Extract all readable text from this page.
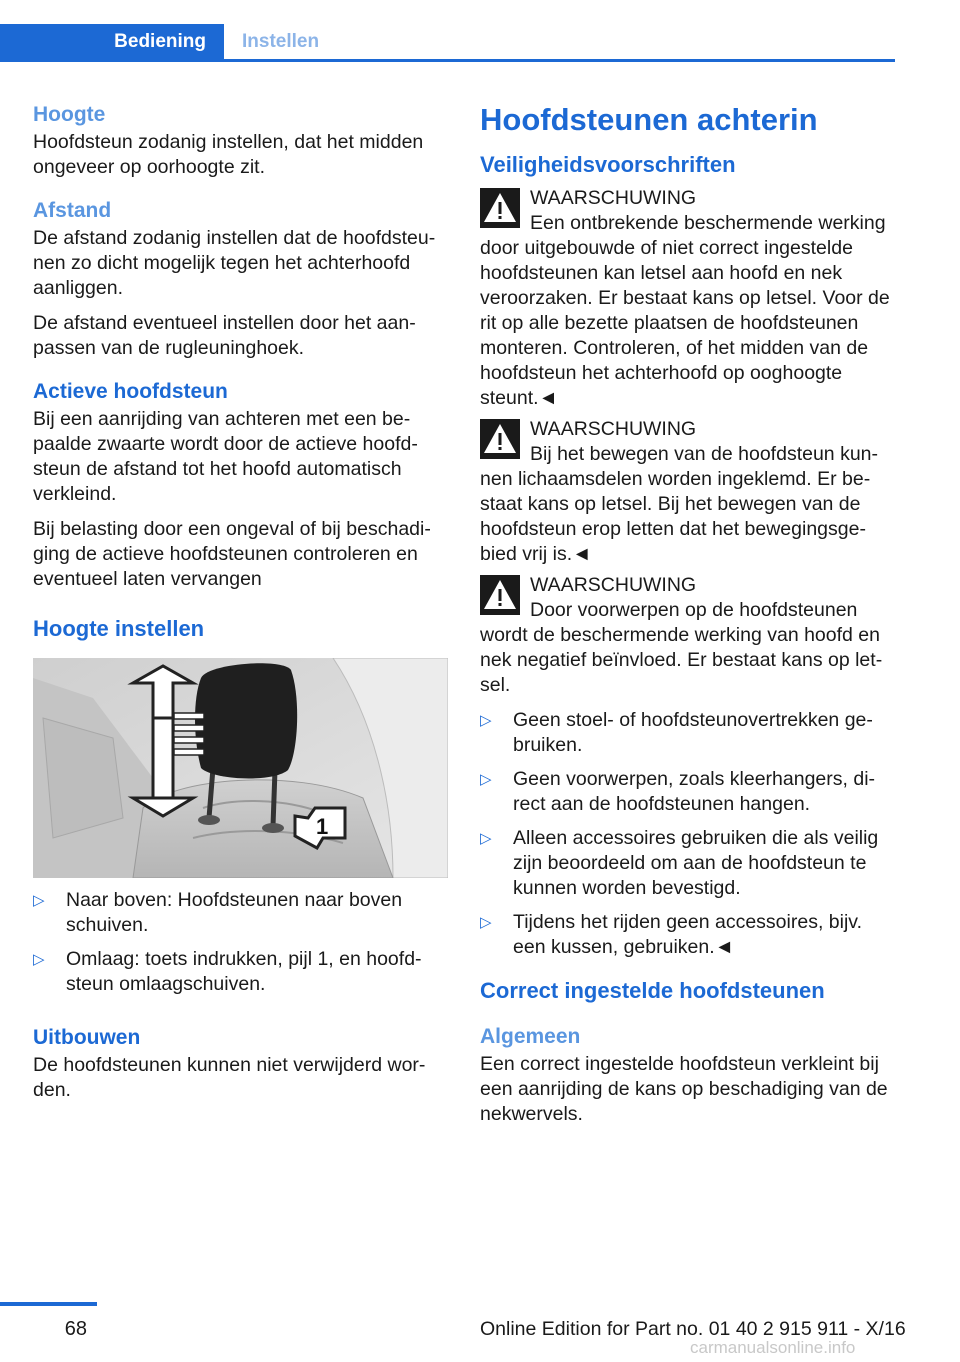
Bediening	Instellen
Hoogte

Hoofdsteun zodanig instellen, dat het midden ongeveer op oorhoogte zit.

Afstand

De afstand zodanig instellen dat de hoofdsteunen zo dicht mogelijk tegen het achterhoofd aanliggen.

De afstand eventueel instellen door het aanpassen van de rugleuninghoek.

Actieve hoofdsteun

Bij een aanrijding van achteren met een bepaalde zwaarte wordt door de actieve hoofdsteun de afstand tot het hoofd automatisch verkleind.

Bij belasting door een ongeval of bij beschadiging de actieve hoofdsteunen controleren en eventueel laten vervangen

Hoogte instellen
1
▷ Naar boven: Hoofdsteunen naar boven schuiven.
▷ Omlaag: toets indrukken, pijl 1, en hoofdsteun omlaagschuiven.
Uitbouwen

De hoofdsteunen kunnen niet verwijderd worden.

Hoofdsteunen achterin
Veiligheidsvoorschriften

WAARSCHUWING

Een ontbrekende beschermende werking door uitgebouwde of niet correct ingestelde hoofdsteunen kan letsel aan hoofd en nek veroorzaken. Er bestaat kans op letsel. Voor de rit op alle bezette plaatsen de hoofdsteunen monteren. Controleren, of het midden van de hoofdsteun het achterhoofd op ooghoogte steunt.◄

WAARSCHUWING

Bij het bewegen van de hoofdsteun kunnen lichaamsdelen worden ingeklemd. Er bestaat kans op letsel. Bij het bewegen van de hoofdsteun erop letten dat het bewegingsgebied vrij is.◄

WAARSCHUWING

Door voorwerpen op de hoofdsteunen wordt de beschermende werking van hoofd en nek negatief beïnvloed. Er bestaat kans op letsel.

▷ Geen stoel- of hoofdsteunovertrekken gebruiken.
▷ Geen voorwerpen, zoals kleerhangers, direct aan de hoofdsteunen hangen.
▷ Alleen accessoires gebruiken die als veilig zijn beoordeeld om aan de hoofdsteun te kunnen worden bevestigd.
▷ Tijdens het rijden geen accessoires, bijv. een kussen, gebruiken.◄
Correct ingestelde hoofdsteunen
Algemeen

Een correct ingestelde hoofdsteun verkleint bij een aanrijding de kans op beschadiging van de nekwervels.

68	Online Edition for Part no. 01 40 2 915 911 - X/16
carmanualsonline.info
